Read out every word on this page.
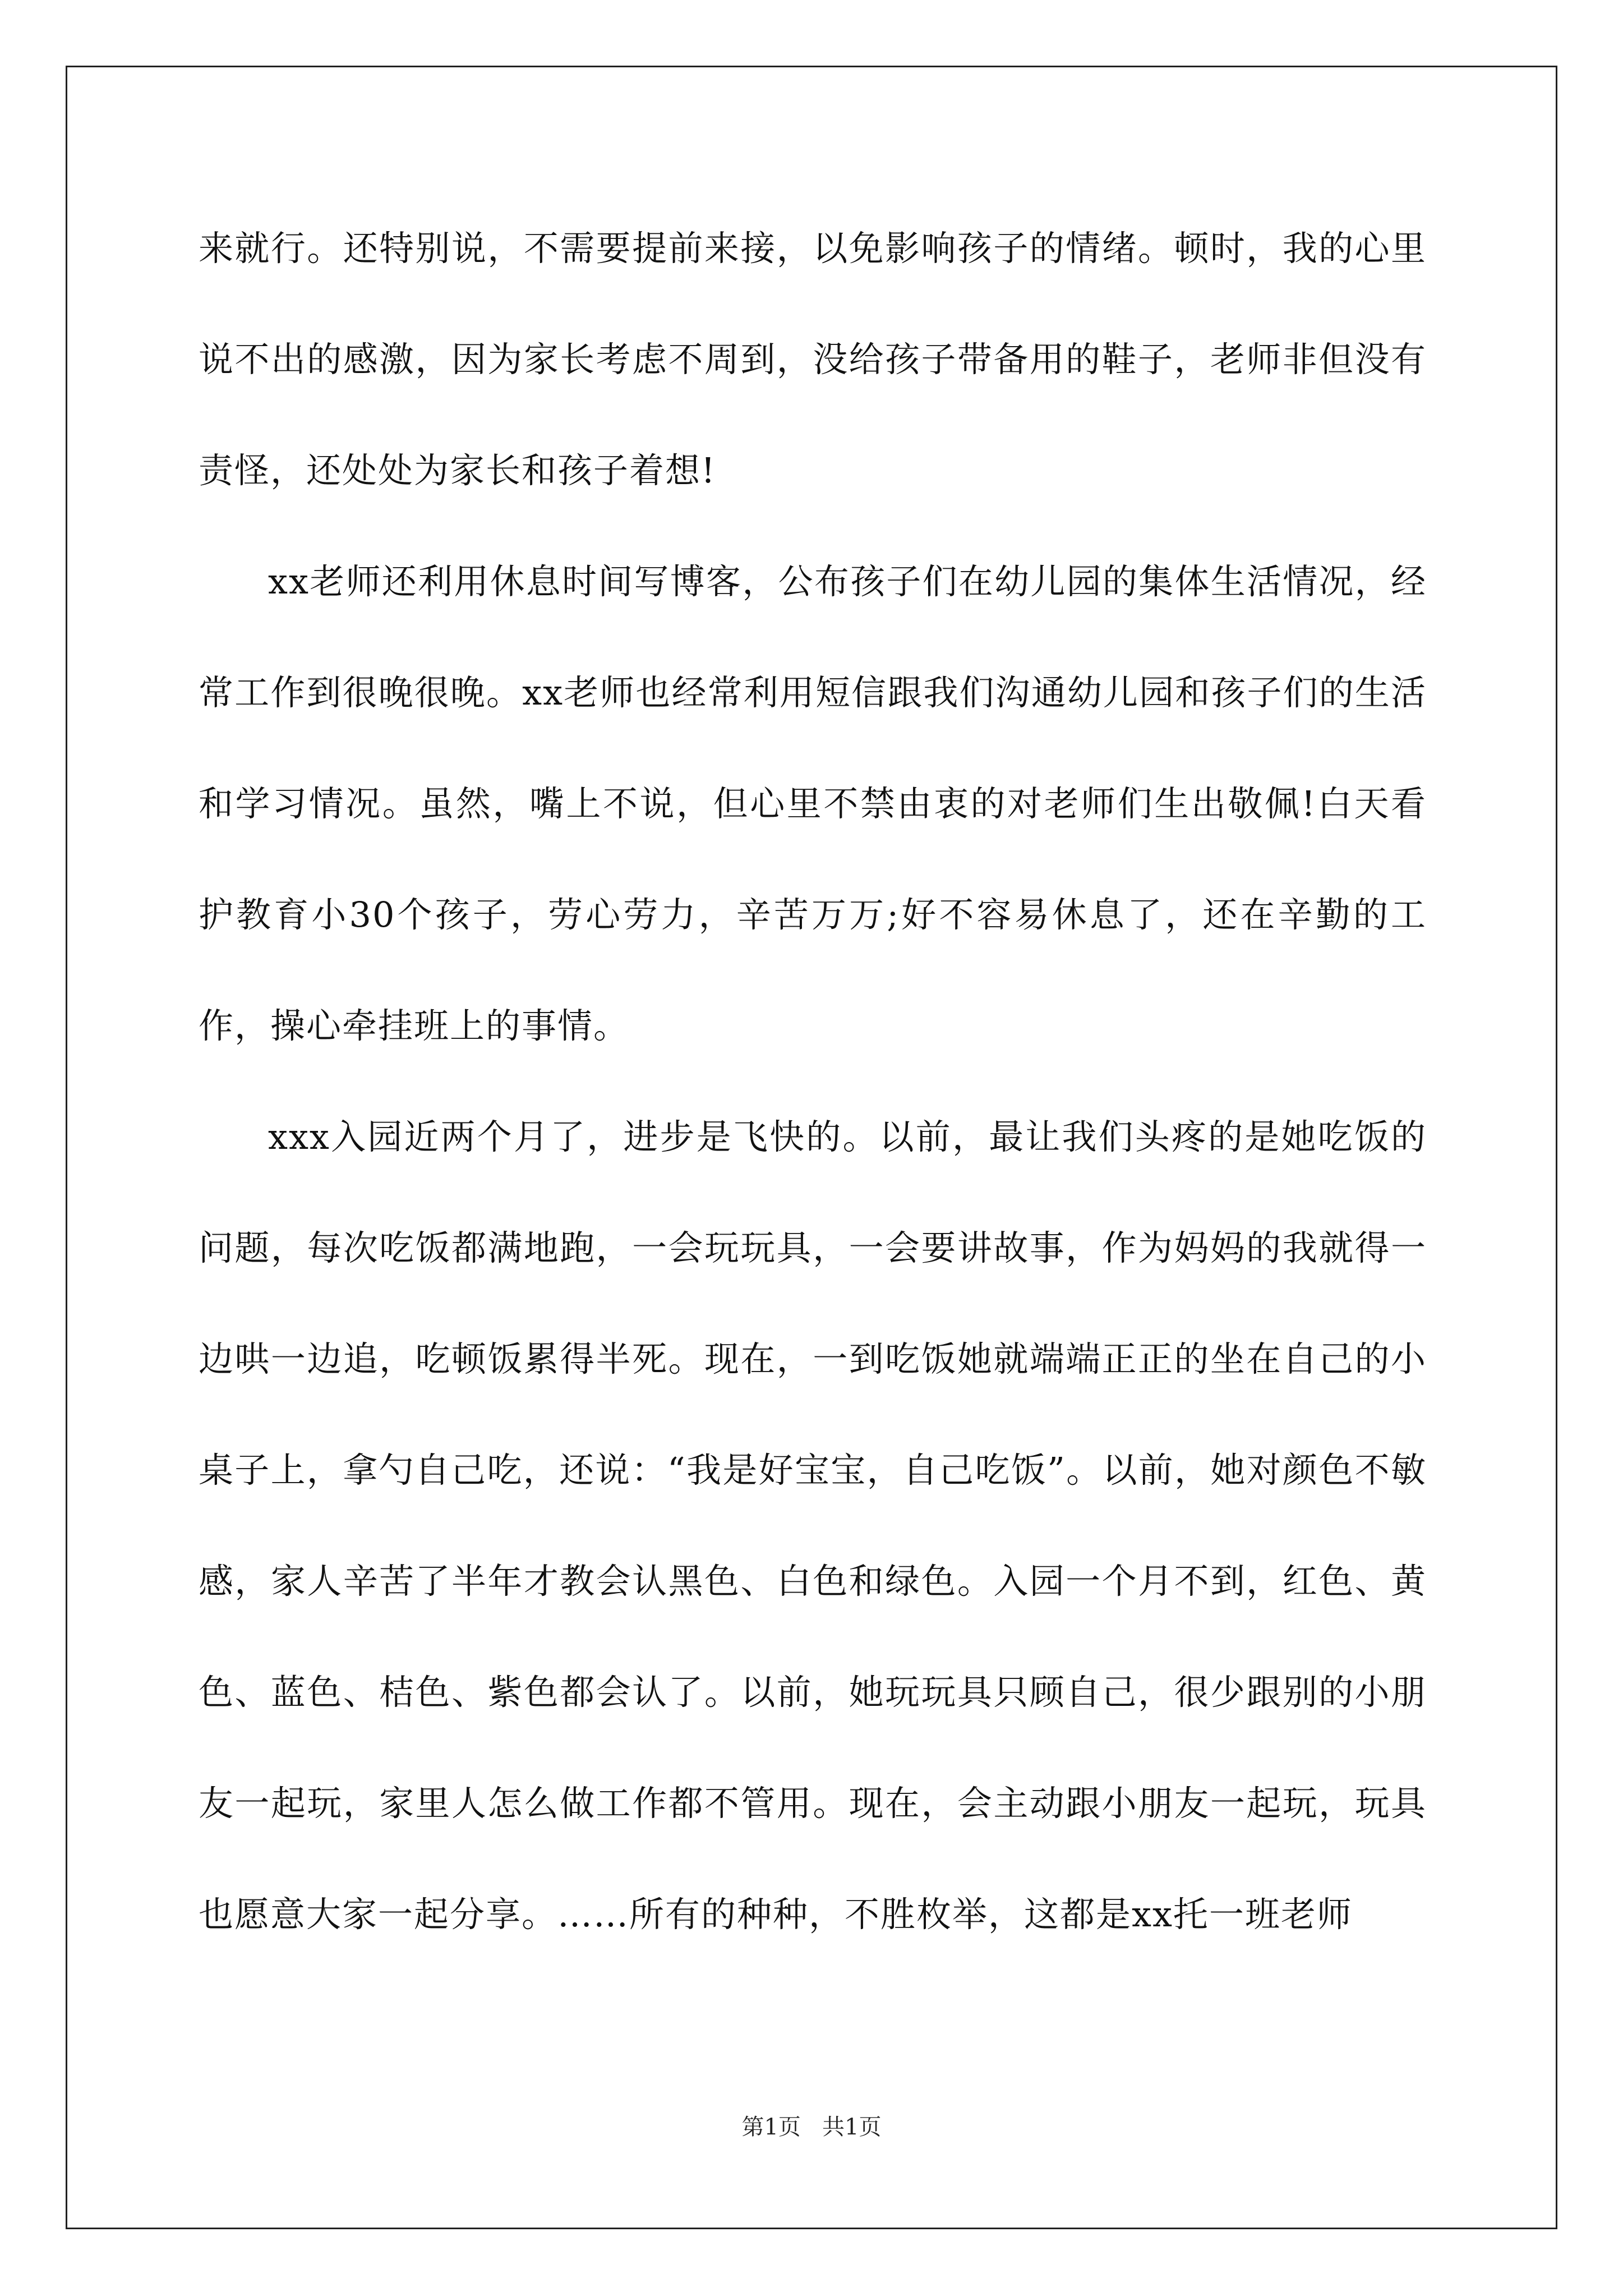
来就行。还特别说，不需要提前来接，以免影响孩子的情绪。顿时，我的心里说不出的感激，因为家长考虑不周到，没给孩子带备用的鞋子，老师非但没有责怪，还处处为家长和孩子着想!

xx老师还利用休息时间写博客，公布孩子们在幼儿园的集体生活情况，经常工作到很晚很晚。xx老师也经常利用短信跟我们沟通幼儿园和孩子们的生活和学习情况。虽然，嘴上不说，但心里不禁由衷的对老师们生出敬佩!白天看护教育小30个孩子，劳心劳力，辛苦万万;好不容易休息了，还在辛勤的工作，操心牵挂班上的事情。

xxx入园近两个月了，进步是飞快的。以前，最让我们头疼的是她吃饭的问题，每次吃饭都满地跑，一会玩玩具，一会要讲故事，作为妈妈的我就得一边哄一边追，吃顿饭累得半死。现在，一到吃饭她就端端正正的坐在自己的小桌子上，拿勺自己吃，还说：“我是好宝宝，自己吃饭”。以前，她对颜色不敏感，家人辛苦了半年才教会认黑色、白色和绿色。入园一个月不到，红色、黄色、蓝色、桔色、紫色都会认了。以前，她玩玩具只顾自己，很少跟别的小朋友一起玩，家里人怎么做工作都不管用。现在，会主动跟小朋友一起玩，玩具也愿意大家一起分享。……所有的种种，不胜枚举，这都是xx托一班老师

第1页   共1页
